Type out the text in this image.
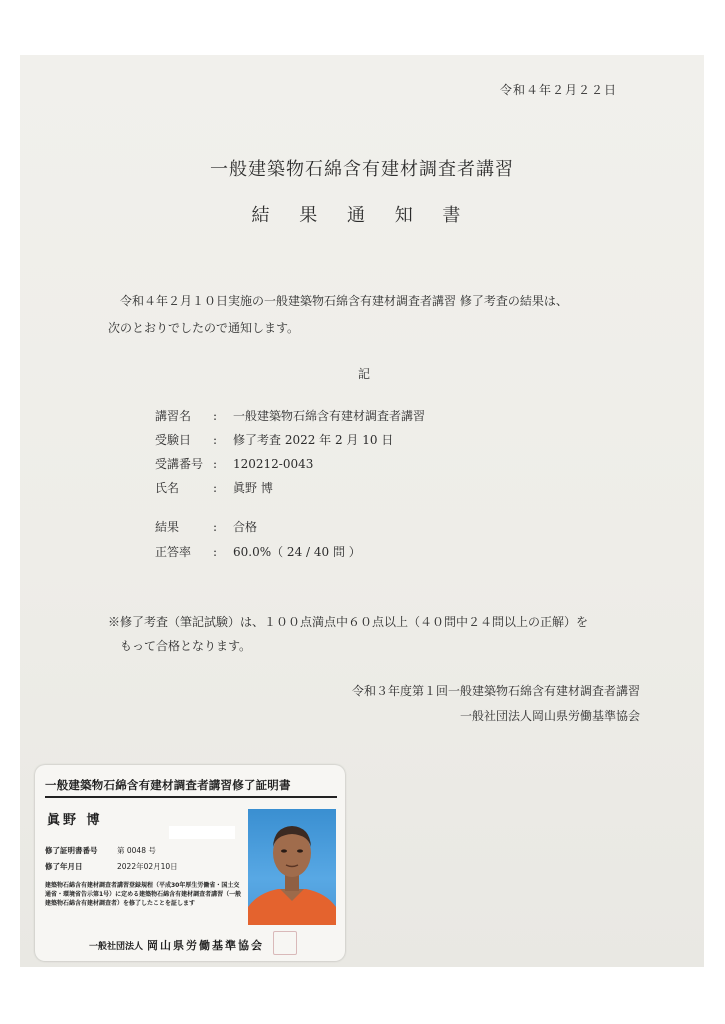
令和４年２月２２日
一般建築物石綿含有建材調査者講習
結 果 通 知 書
令和４年２月１０日実施の一般建築物石綿含有建材調査者講習 修了考査の結果は、
次のとおりでしたので通知します。
記
講習名 : 一般建築物石綿含有建材調査者講習
受験日 : 修了考査 2022 年 2 月 10 日
受講番号 : 120212-0043
氏名	: 眞野 博
結果	: 合格
正答率 : 60.0%（ 24 / 40 問 ）
※修了考査（筆記試験）は、１００点満点中６０点以上（４０問中２４問以上の正解）を
もって合格となります。
令和３年度第１回一般建築物石綿含有建材調査者講習
一般社団法人岡山県労働基準協会
一般建築物石綿含有建材調査者講習修了証明書
眞野 博
修了証明書番号	第 0048 号
修了年月日	2022年02月10日
建築物石綿含有建材調査者講習登録規程（平成30年厚生労働省・国土交通省・環境省告示第1号）に定める建築物石綿含有建材調査者講習（一般建築物石綿含有建材調査者）を修了したことを証します
一般社団法人 岡山県労働基準協会
